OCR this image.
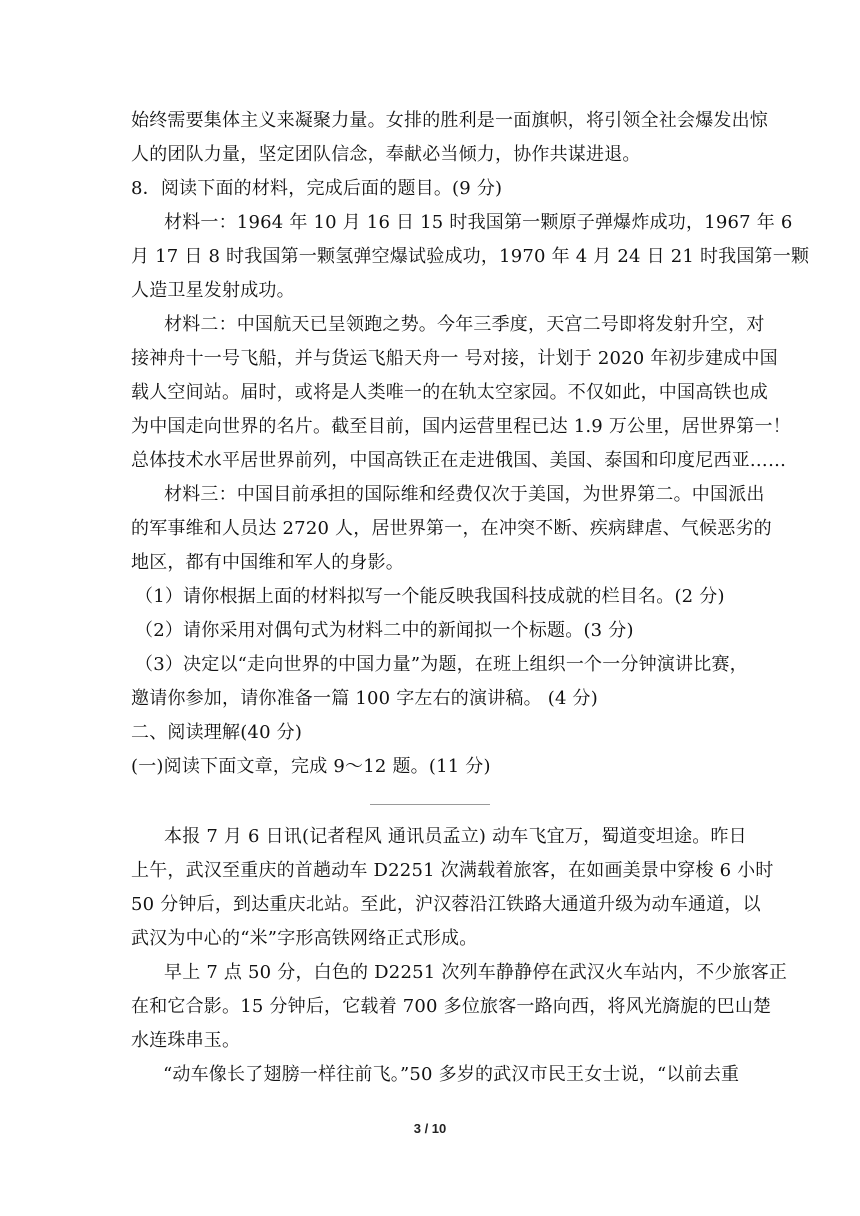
始终需要集体主义来凝聚力量。女排的胜利是一面旗帜，将引领全社会爆发出惊
人的团队力量，坚定团队信念，奉献必当倾力，协作共谋进退。
8．阅读下面的材料，完成后面的题目。(9 分)
材料一：1964 年 10 月 16 日 15 时我国第一颗原子弹爆炸成功，1967 年 6
月 17 日 8 时我国第一颗氢弹空爆试验成功，1970 年 4 月 24 日 21 时我国第一颗
人造卫星发射成功。
材料二：中国航天已呈领跑之势。今年三季度，天宫二号即将发射升空，对
接神舟十一号飞船，并与货运飞船天舟一 号对接，计划于 2020 年初步建成中国
载人空间站。届时，或将是人类唯一的在轨太空家园。不仅如此，中国高铁也成
为中国走向世界的名片。截至目前，国内运营里程已达 1.9 万公里，居世界第一！
总体技术水平居世界前列，中国高铁正在走进俄国、美国、泰国和印度尼西亚……
材料三：中国目前承担的国际维和经费仅次于美国，为世界第二。中国派出
的军事维和人员达 2720 人，居世界第一，在冲突不断、疾病肆虐、气候恶劣的
地区，都有中国维和军人的身影。
（1）请你根据上面的材料拟写一个能反映我国科技成就的栏目名。(2 分)
（2）请你采用对偶句式为材料二中的新闻拟一个标题。(3 分)
（3）决定以“走向世界的中国力量”为题，在班上组织一个一分钟演讲比赛，
邀请你参加，请你准备一篇 100 字左右的演讲稿。 (4 分)
二、阅读理解(40 分)
(一)阅读下面文章，完成 9～12 题。(11 分)
本报 7 月 6 日讯(记者程风 通讯员孟立) 动车飞宜万，蜀道变坦途。昨日
上午，武汉至重庆的首趟动车 D2251 次满载着旅客，在如画美景中穿梭 6 小时
50 分钟后，到达重庆北站。至此，沪汉蓉沿江铁路大通道升级为动车通道，以
武汉为中心的“米”字形高铁网络正式形成。
早上 7 点 50 分，白色的 D2251 次列车静静停在武汉火车站内，不少旅客正
在和它合影。15 分钟后，它载着 700 多位旅客一路向西，将风光旖旎的巴山楚
水连珠串玉。
“动车像长了翅膀一样往前飞。”50 多岁的武汉市民王女士说，“以前去重
3 / 10
